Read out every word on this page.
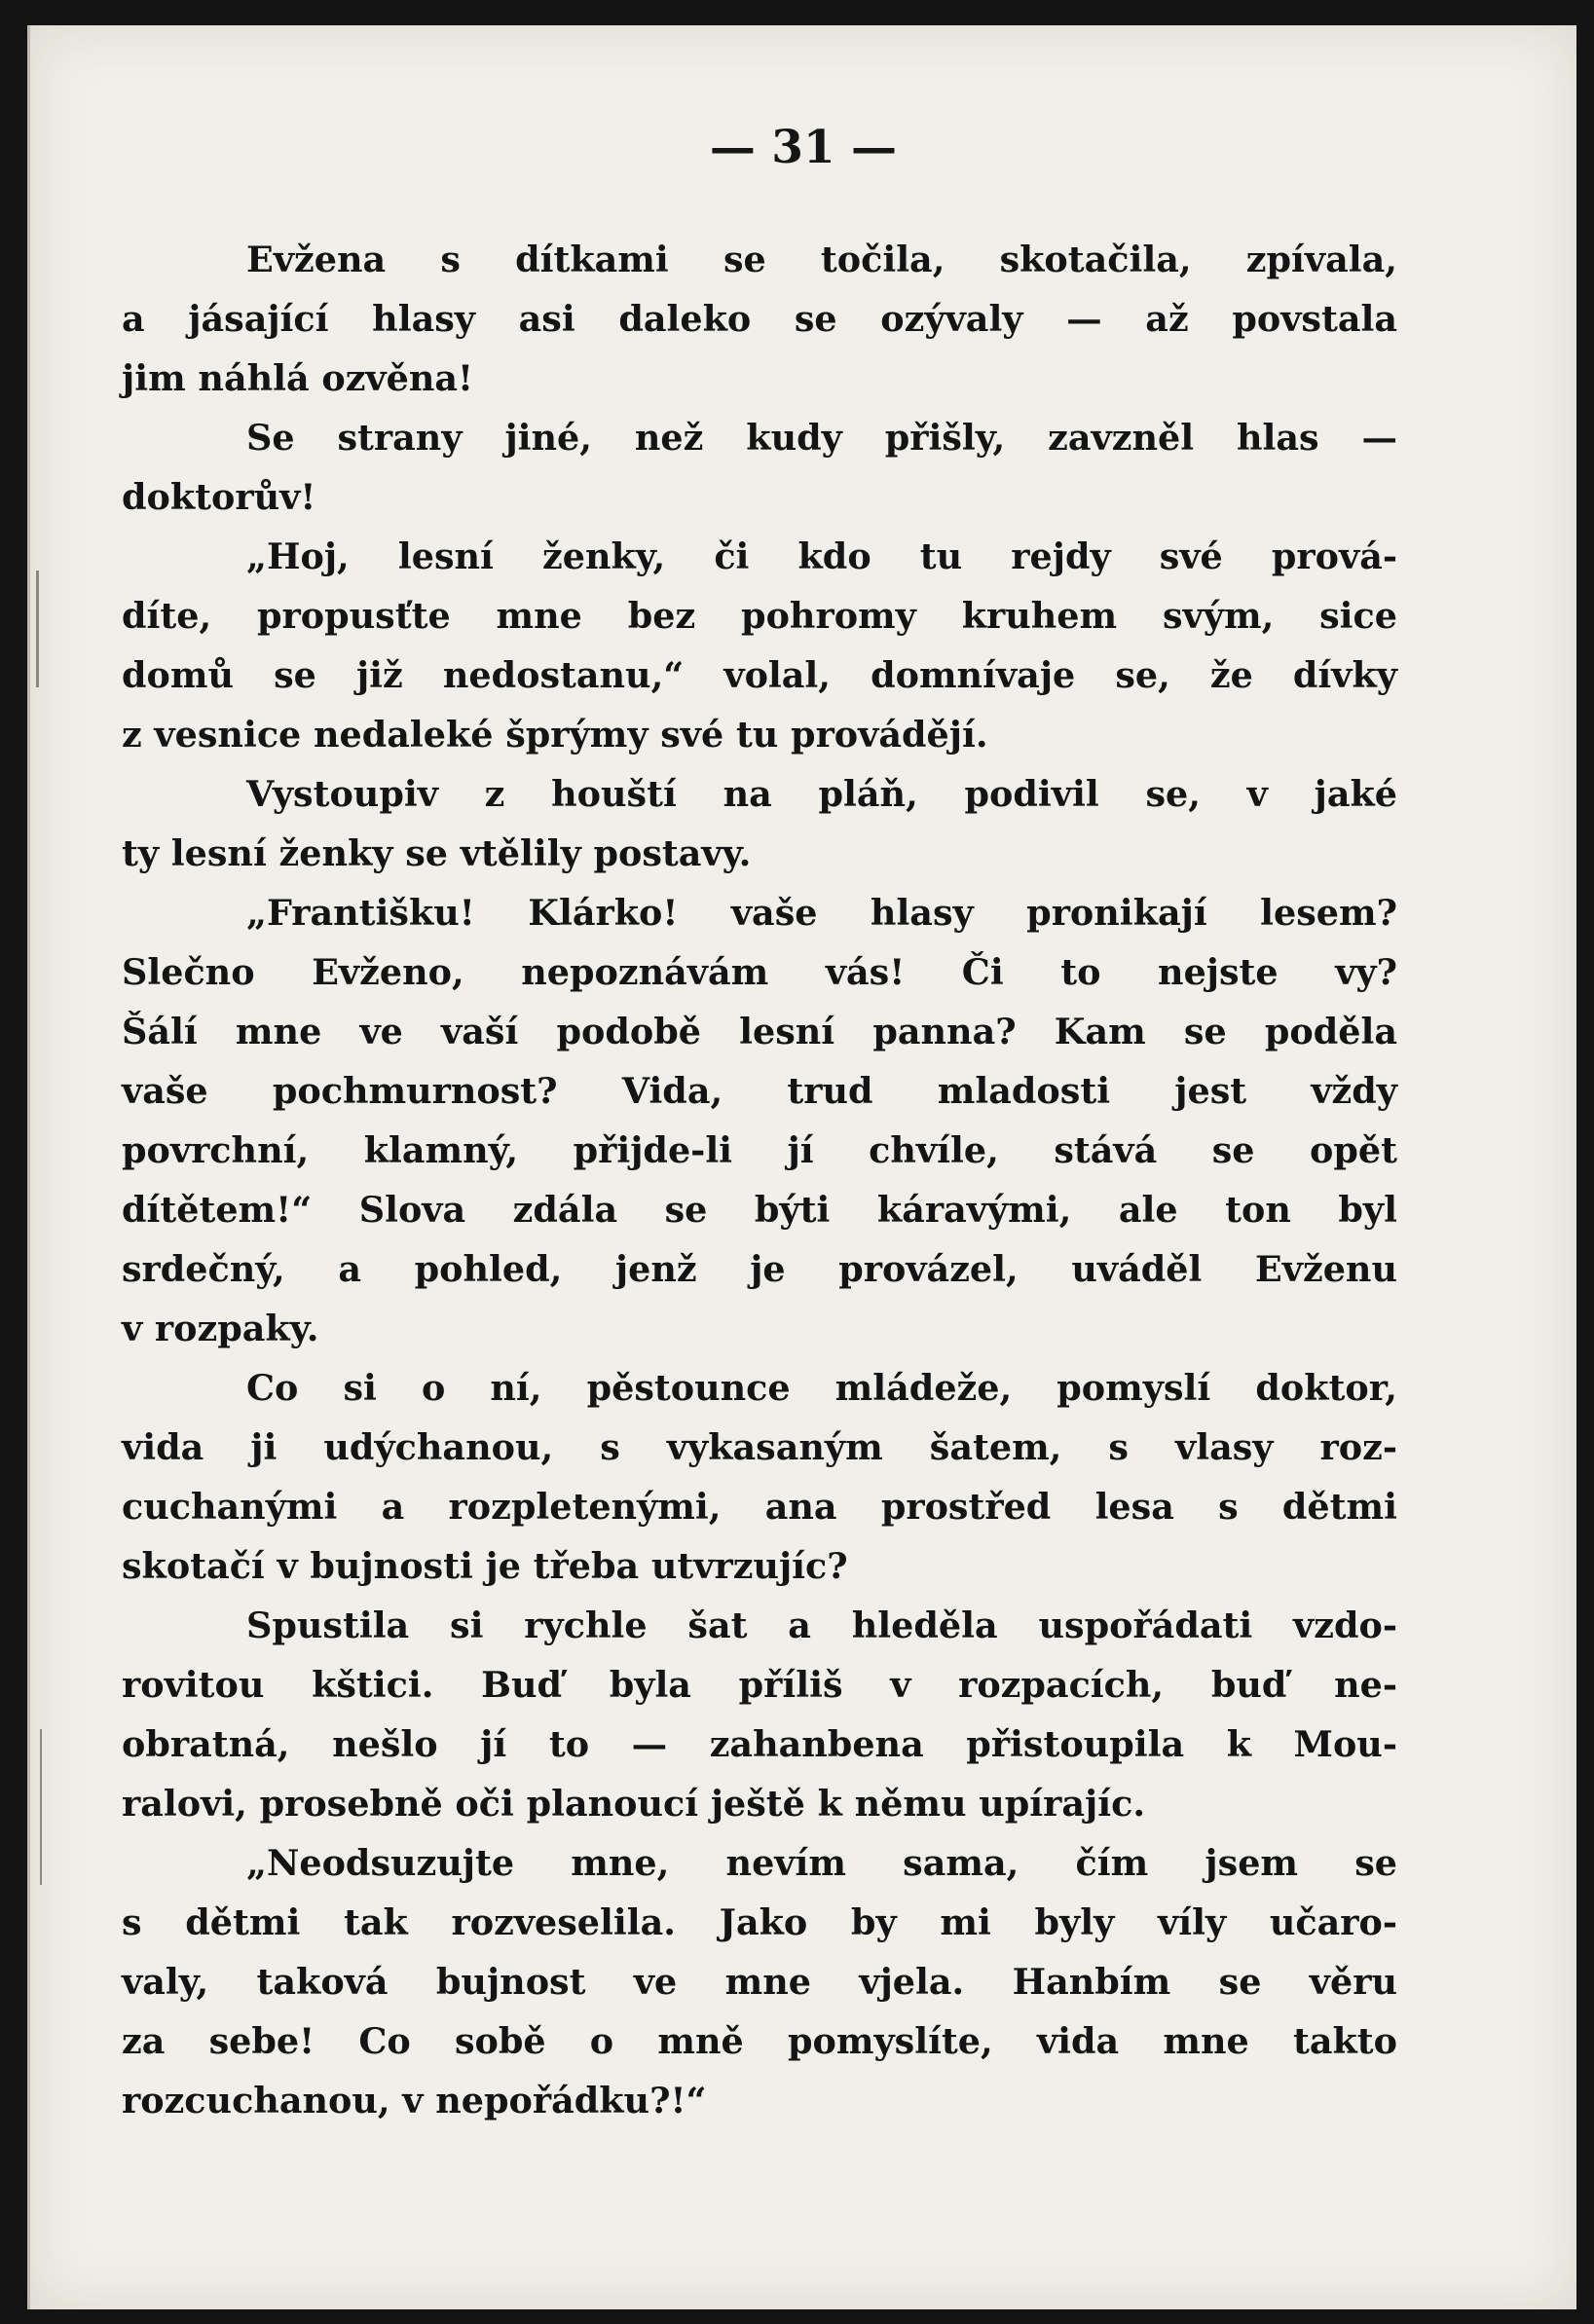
— 31 —
Evžena s dítkami se točila, skotačila, zpívala,
a jásající hlasy asi daleko se ozývaly — až povstala
jim náhlá ozvěna!
Se strany jiné, než kudy přišly, zavzněl hlas —
doktorův!
„Hoj, lesní ženky, či kdo tu rejdy své prová-
díte, propusťte mne bez pohromy kruhem svým, sice
domů se již nedostanu,“ volal, domnívaje se, že dívky
z vesnice nedaleké šprýmy své tu provádějí.
Vystoupiv z houští na pláň, podivil se, v jaké
ty lesní ženky se vtělily postavy.
„Františku! Klárko! vaše hlasy pronikají lesem?
Slečno Evženo, nepoznávám vás! Či to nejste vy?
Šálí mne ve vaší podobě lesní panna? Kam se poděla
vaše pochmurnost? Vida, trud mladosti jest vždy
povrchní, klamný, přijde-li jí chvíle, stává se opět
dítětem!“ Slova zdála se býti káravými, ale ton byl
srdečný, a pohled, jenž je provázel, uváděl Evženu
v rozpaky.
Co si o ní, pěstounce mládeže, pomyslí doktor,
vida ji udýchanou, s vykasaným šatem, s vlasy roz-
cuchanými a rozpletenými, ana prostřed lesa s dětmi
skotačí v bujnosti je třeba utvrzujíc?
Spustila si rychle šat a hleděla uspořádati vzdo-
rovitou kštici. Buď byla příliš v rozpacích, buď ne-
obratná, nešlo jí to — zahanbena přistoupila k Mou-
ralovi, prosebně oči planoucí ještě k němu upírajíc.
„Neodsuzujte mne, nevím sama, čím jsem se
s dětmi tak rozveselila. Jako by mi byly víly učaro-
valy, taková bujnost ve mne vjela. Hanbím se věru
za sebe! Co sobě o mně pomyslíte, vida mne takto
rozcuchanou, v nepořádku?!“
